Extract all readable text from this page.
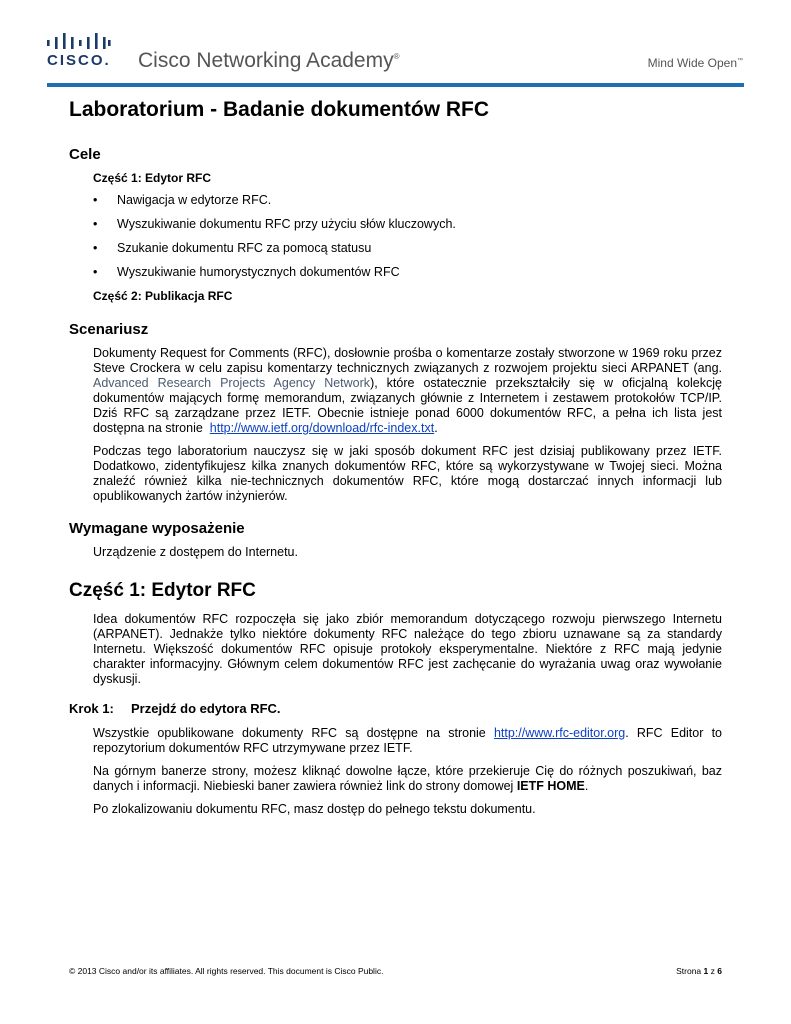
CISCO. Cisco Networking Academy®	Mind Wide Open™
Laboratorium - Badanie dokumentów RFC
Cele

Część 1: Edytor RFC

• Nawigacja w edytorze RFC.
• Wyszukiwanie dokumentu RFC przy użyciu słów kluczowych.
• Szukanie dokumentu RFC za pomocą statusu
• Wyszukiwanie humorystycznych dokumentów RFC

Część 2: Publikacja RFC

Scenariusz

Dokumenty Request for Comments (RFC), dosłownie prośba o komentarze zostały stworzone w 1969 roku przez Steve Crockera w celu zapisu komentarzy technicznych związanych z rozwojem projektu sieci ARPANET (ang. Advanced Research Projects Agency Network), które ostatecznie przekształciły się w oficjalną kolekcję dokumentów mających formę memorandum, związanych głównie z Internetem i zestawem protokołów TCP/IP. Dziś RFC są zarządzane przez IETF. Obecnie istnieje ponad 6000 dokumentów RFC, a pełna ich lista jest dostępna na stronie http://www.ietf.org/download/rfc-index.txt.

Podczas tego laboratorium nauczysz się w jaki sposób dokument RFC jest dzisiaj publikowany przez IETF. Dodatkowo, zidentyfikujesz kilka znanych dokumentów RFC, które są wykorzystywane w Twojej sieci. Można znaleźć również kilka nie-technicznych dokumentów RFC, które mogą dostarczać innych informacji lub opublikowanych żartów inżynierów.

Wymagane wyposażenie

Urządzenie z dostępem do Internetu.

Część 1: Edytor RFC

Idea dokumentów RFC rozpoczęła się jako zbiór memorandum dotyczącego rozwoju pierwszego Internetu (ARPANET). Jednakże tylko niektóre dokumenty RFC należące do tego zbioru uznawane są za standardy Internetu. Większość dokumentów RFC opisuje protokoły eksperymentalne. Niektóre z RFC mają jedynie charakter informacyjny. Głównym celem dokumentów RFC jest zachęcanie do wyrażania uwag oraz wywołanie dyskusji.

Krok 1: Przejdź do edytora RFC.

Wszystkie opublikowane dokumenty RFC są dostępne na stronie http://www.rfc-editor.org. RFC Editor to repozytorium dokumentów RFC utrzymywane przez IETF.

Na górnym banerze strony, możesz kliknąć dowolne łącze, które przekieruje Cię do różnych poszukiwań, baz danych i informacji. Niebieski baner zawiera również link do strony domowej IETF HOME.

Po zlokalizowaniu dokumentu RFC, masz dostęp do pełnego tekstu dokumentu.

© 2013 Cisco and/or its affiliates. All rights reserved. This document is Cisco Public.	Strona 1 z 6
